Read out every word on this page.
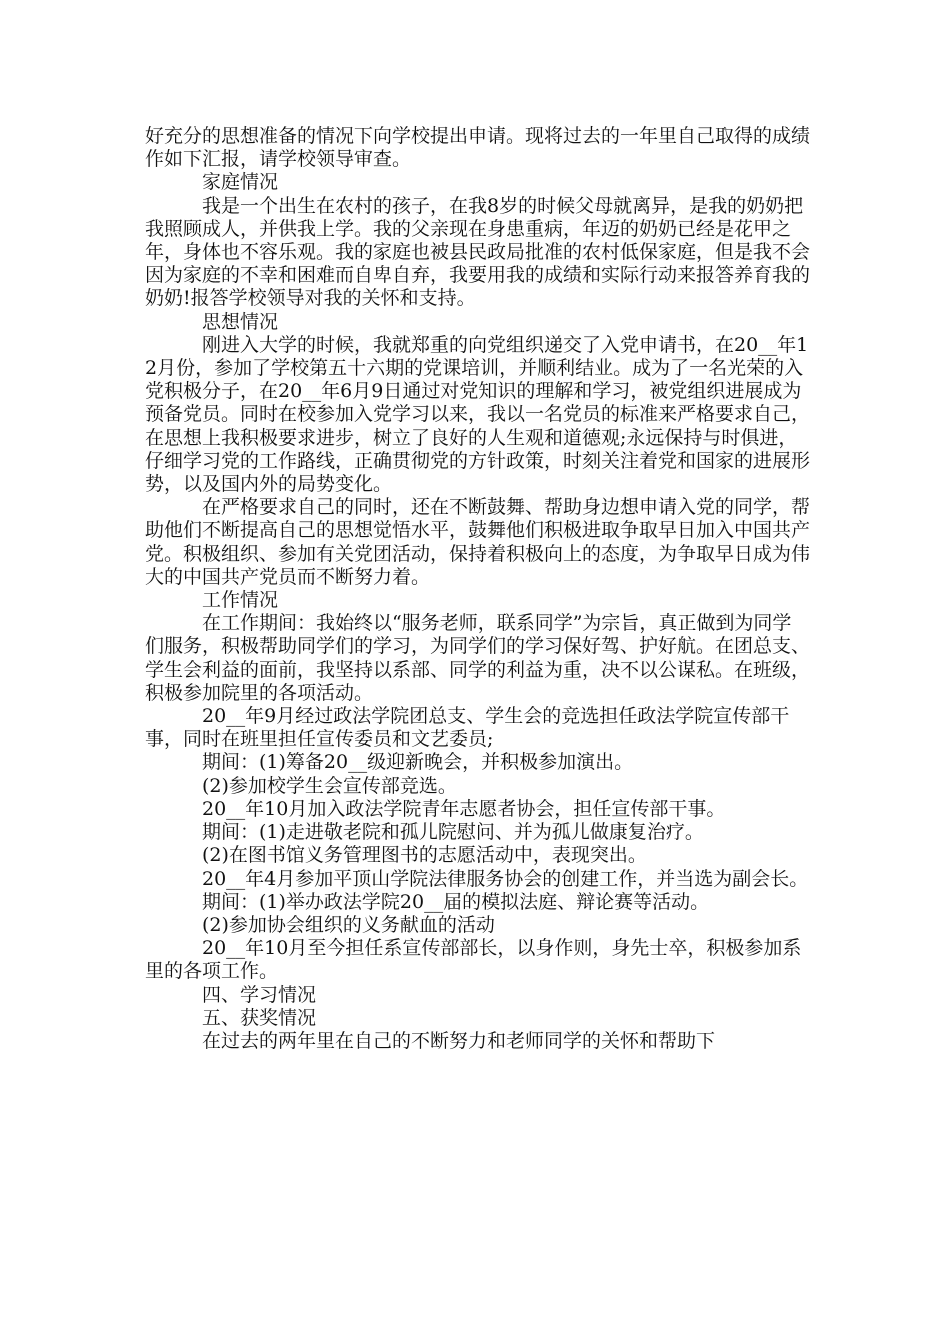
好充分的思想准备的情况下向学校提出申请。现将过去的一年里自己取得的成绩作如下汇报，请学校领导审查。

家庭情况

我是一个出生在农村的孩子，在我8岁的时候父母就离异，是我的奶奶把我照顾成人，并供我上学。我的父亲现在身患重病，年迈的奶奶已经是花甲之年，身体也不容乐观。我的家庭也被县民政局批准的农村低保家庭，但是我不会因为家庭的不幸和困难而自卑自弃，我要用我的成绩和实际行动来报答养育我的奶奶!报答学校领导对我的关怀和支持。

思想情况

刚进入大学的时候，我就郑重的向党组织递交了入党申请书，在20__年12月份，参加了学校第五十六期的党课培训，并顺利结业。成为了一名光荣的入党积极分子，在20__年6月9日通过对党知识的理解和学习，被党组织进展成为预备党员。同时在校参加入党学习以来，我以一名党员的标准来严格要求自己，在思想上我积极要求进步，树立了良好的人生观和道德观;永远保持与时俱进，仔细学习党的工作路线，正确贯彻党的方针政策，时刻关注着党和国家的进展形势，以及国内外的局势变化。

在严格要求自己的同时，还在不断鼓舞、帮助身边想申请入党的同学，帮助他们不断提高自己的思想觉悟水平，鼓舞他们积极进取争取早日加入中国共产党。积极组织、参加有关党团活动，保持着积极向上的态度，为争取早日成为伟大的中国共产党员而不断努力着。

工作情况

在工作期间：我始终以“服务老师，联系同学”为宗旨，真正做到为同学们服务，积极帮助同学们的学习，为同学们的学习保好驾、护好航。在团总支、学生会利益的面前，我坚持以系部、同学的利益为重，决不以公谋私。在班级，积极参加院里的各项活动。

20__年9月经过政法学院团总支、学生会的竞选担任政法学院宣传部干事，同时在班里担任宣传委员和文艺委员;

期间：(1)筹备20__级迎新晚会，并积极参加演出。

(2)参加校学生会宣传部竞选。

20__年10月加入政法学院青年志愿者协会，担任宣传部干事。

期间：(1)走进敬老院和孤儿院慰问、并为孤儿做康复治疗。

(2)在图书馆义务管理图书的志愿活动中，表现突出。

20__年4月参加平顶山学院法律服务协会的创建工作，并当选为副会长。

期间：(1)举办政法学院20__届的模拟法庭、辩论赛等活动。

(2)参加协会组织的义务献血的活动

20__年10月至今担任系宣传部部长，以身作则，身先士卒，积极参加系里的各项工作。

四、学习情况

五、获奖情况

在过去的两年里在自己的不断努力和老师同学的关怀和帮助下
